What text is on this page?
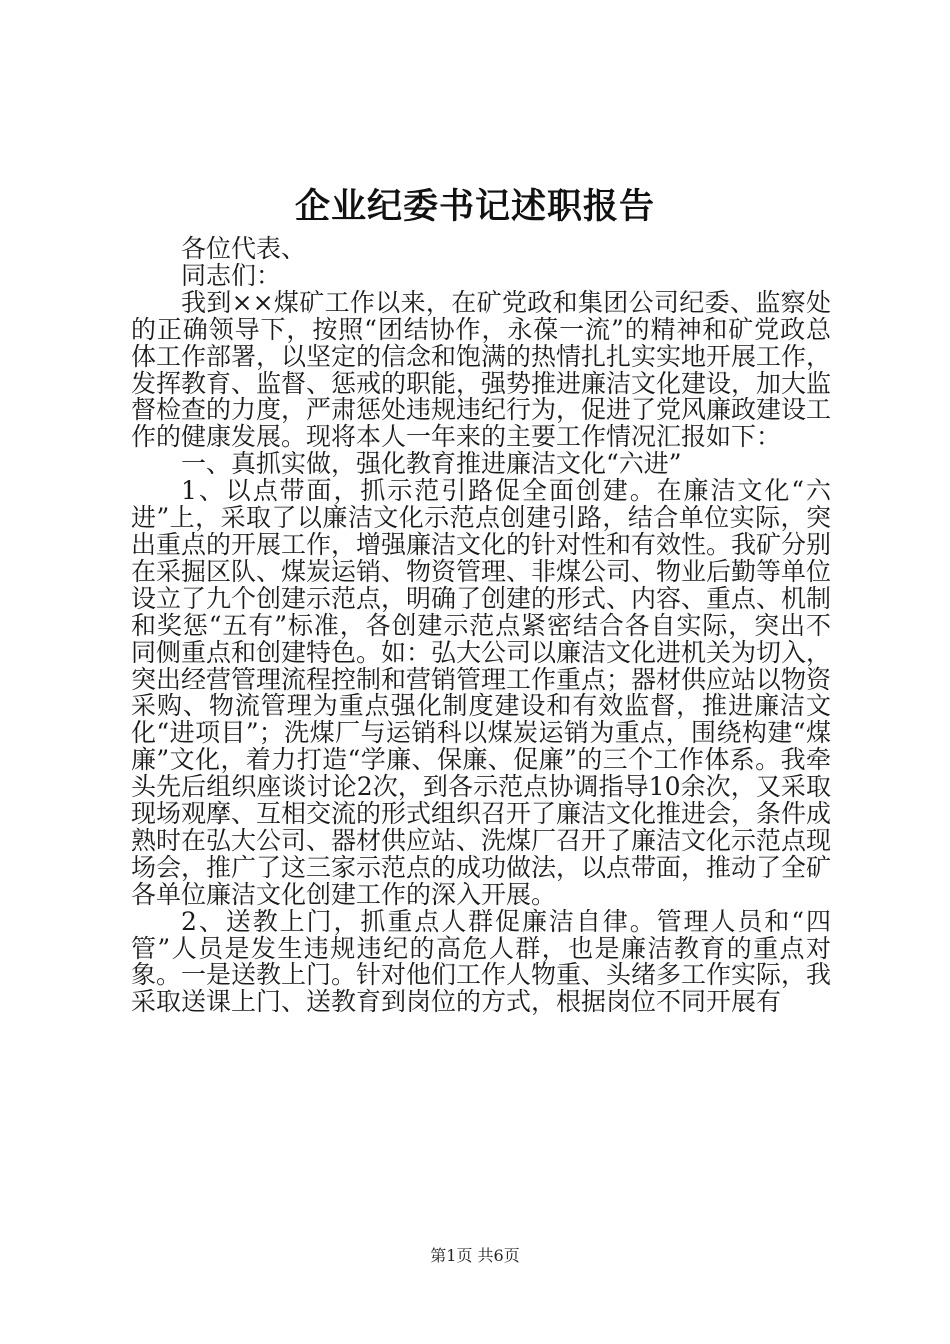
企业纪委书记述职报告

各位代表、

同志们：

我到××煤矿工作以来，在矿党政和集团公司纪委、监察处的正确领导下，按照“团结协作，永葆一流”的精神和矿党政总体工作部署，以坚定的信念和饱满的热情扎扎实实地开展工作，发挥教育、监督、惩戒的职能，强势推进廉洁文化建设，加大监督检查的力度，严肃惩处违规违纪行为，促进了党风廉政建设工作的健康发展。现将本人一年来的主要工作情况汇报如下：

一、真抓实做，强化教育推进廉洁文化“六进”

1、以点带面，抓示范引路促全面创建。在廉洁文化“六进”上，采取了以廉洁文化示范点创建引路，结合单位实际，突出重点的开展工作，增强廉洁文化的针对性和有效性。我矿分别在采掘区队、煤炭运销、物资管理、非煤公司、物业后勤等单位设立了九个创建示范点，明确了创建的形式、内容、重点、机制和奖惩“五有”标准，各创建示范点紧密结合各自实际，突出不同侧重点和创建特色。如：弘大公司以廉洁文化进机关为切入，突出经营管理流程控制和营销管理工作重点；器材供应站以物资采购、物流管理为重点强化制度建设和有效监督，推进廉洁文化“进项目”；洗煤厂与运销科以煤炭运销为重点，围绕构建“煤廉”文化，着力打造“学廉、保廉、促廉”的三个工作体系。我牵头先后组织座谈讨论2次，到各示范点协调指导10余次，又采取现场观摩、互相交流的形式组织召开了廉洁文化推进会，条件成熟时在弘大公司、器材供应站、洗煤厂召开了廉洁文化示范点现场会，推广了这三家示范点的成功做法，以点带面，推动了全矿各单位廉洁文化创建工作的深入开展。

2、送教上门，抓重点人群促廉洁自律。管理人员和“四管”人员是发生违规违纪的高危人群，也是廉洁教育的重点对象。一是送教上门。针对他们工作人物重、头绪多工作实际，我采取送课上门、送教育到岗位的方式，根据岗位不同开展有

第1页 共6页
